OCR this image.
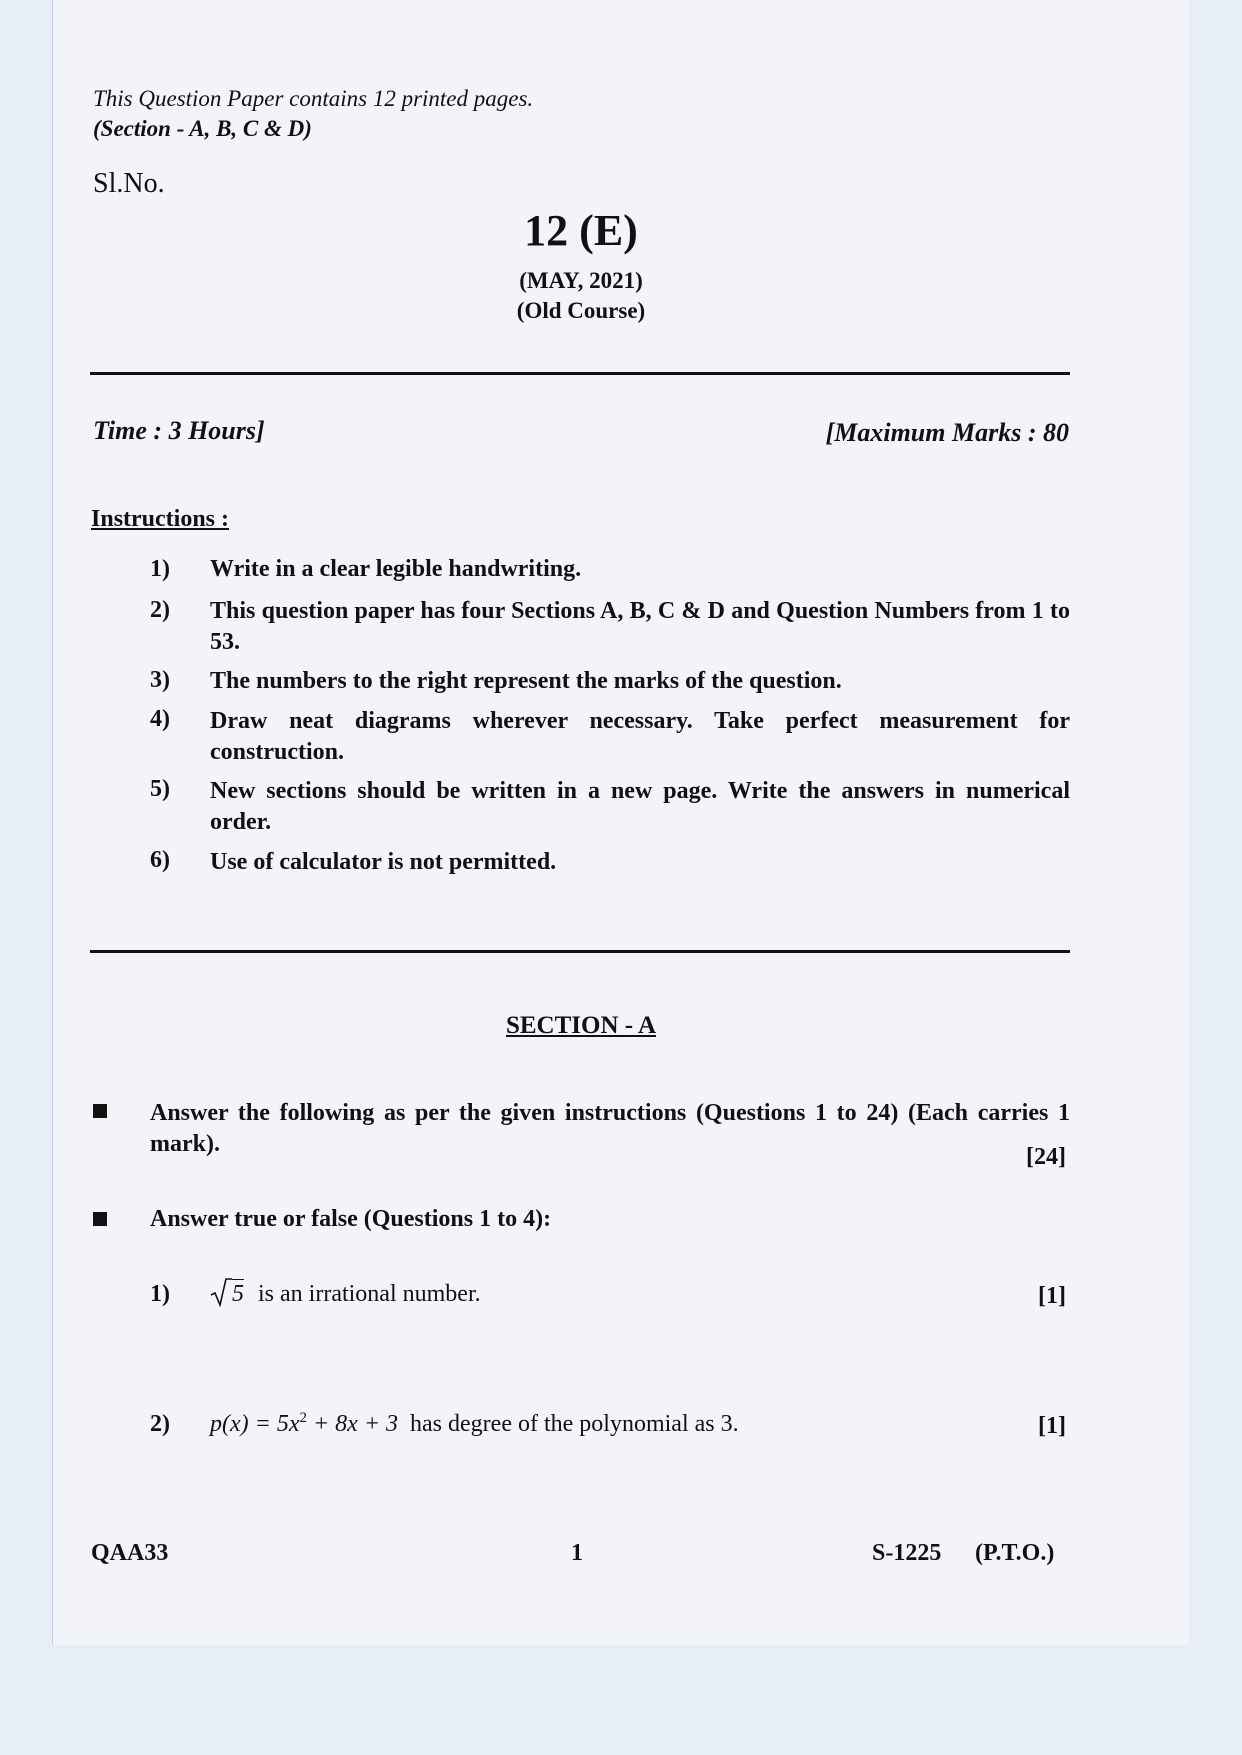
This Question Paper contains 12 printed pages.
(Section - A, B, C & D)
Sl.No.
12 (E)
(MAY, 2021)
(Old Course)
Time : 3 Hours]	[Maximum Marks : 80
Instructions :
1) Write in a clear legible handwriting.
2) This question paper has four Sections A, B, C & D and Question Numbers from 1 to 53.
3) The numbers to the right represent the marks of the question.
4) Draw neat diagrams wherever necessary. Take perfect measurement for construction.
5) New sections should be written in a new page. Write the answers in numerical order.
6) Use of calculator is not permitted.
SECTION - A
Answer the following as per the given instructions (Questions 1 to 24) (Each carries 1 mark).	[24]
Answer true or false (Questions 1 to 4):
1)	5 is an irrational number.	[1]
2) $p(x) = 5x^2 + 8x + 3$ has degree of the polynomial as 3.	[1]
QAA33	1	S-1225 (P.T.O.)
